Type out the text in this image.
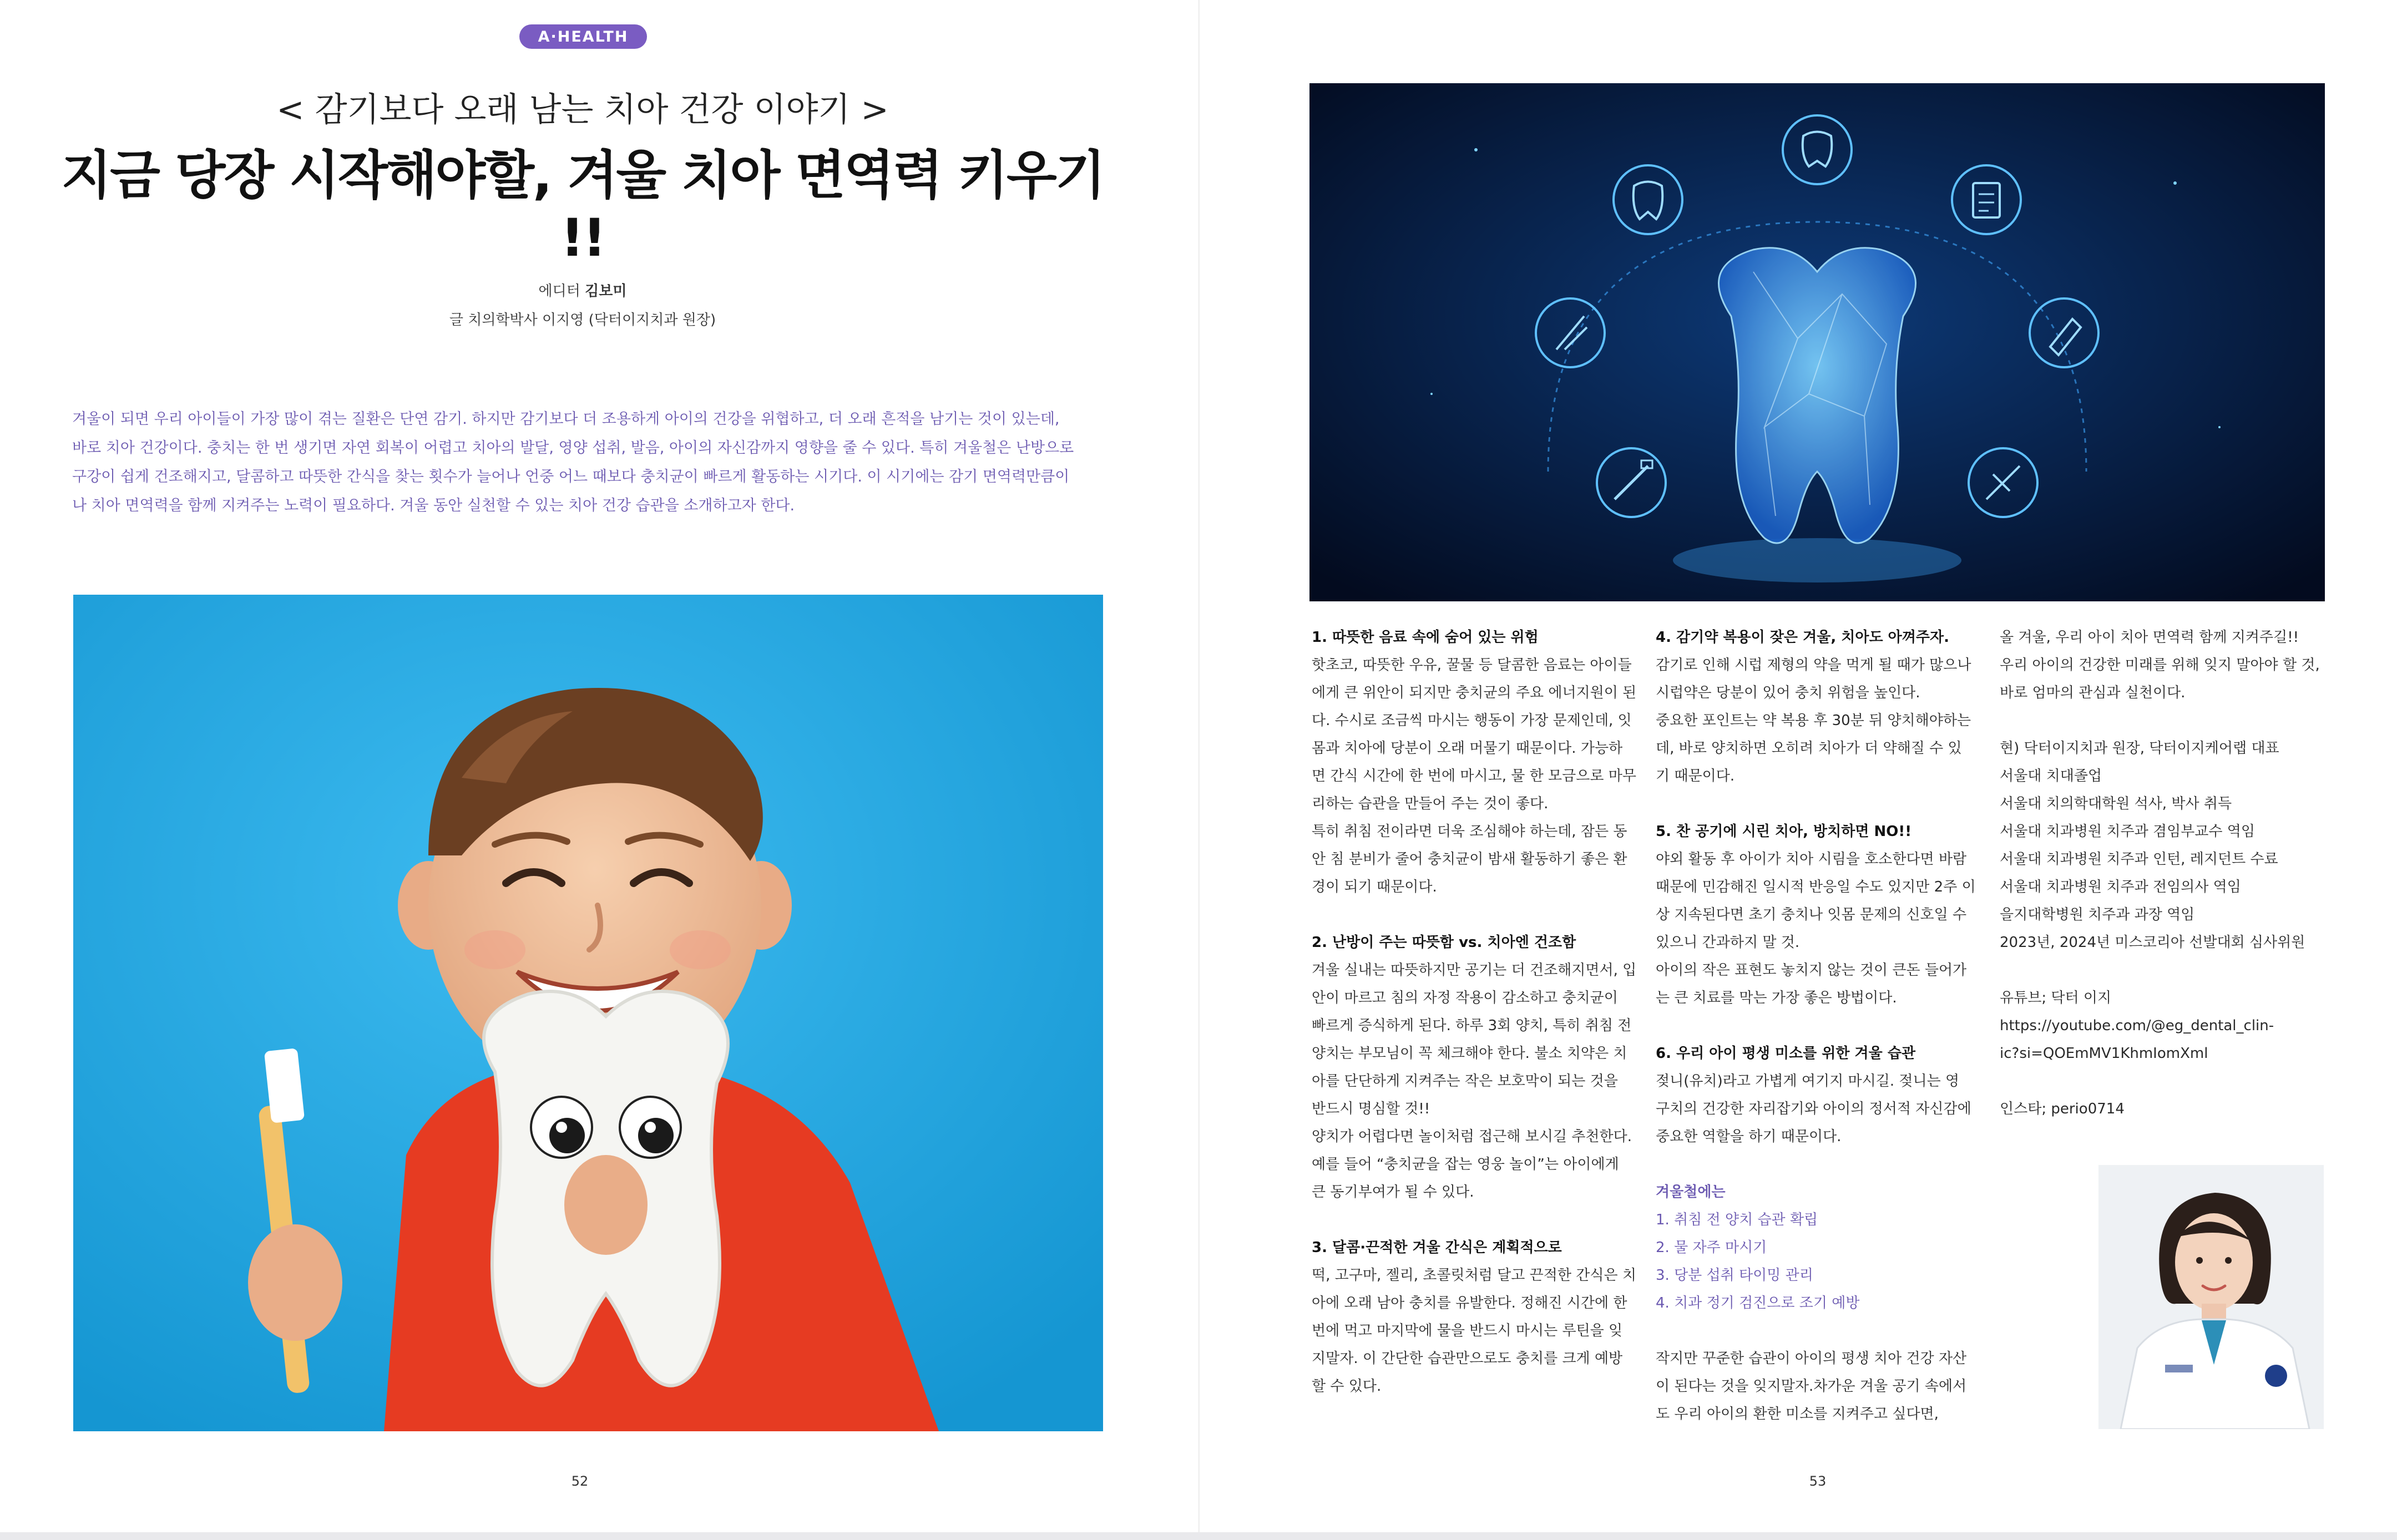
A·HEALTH
< 감기보다 오래 남는 치아 건강 이야기 >
지금 당장 시작해야할, 겨울 치아 면역력 키우기 !!
에디터 김보미
글 치의학박사 이지영 (닥터이지치과 원장)
겨울이 되면 우리 아이들이 가장 많이 겪는 질환은 단연 감기. 하지만 감기보다 더 조용하게 아이의 건강을 위협하고, 더 오래 흔적을 남기는 것이 있는데,
바로 치아 건강이다. 충치는 한 번 생기면 자연 회복이 어렵고 치아의 발달, 영양 섭취, 발음, 아이의 자신감까지 영향을 줄 수 있다. 특히 겨울철은 난방으로
구강이 쉽게 건조해지고, 달콤하고 따뜻한 간식을 찾는 횟수가 늘어나 언중 어느 때보다 충치균이 빠르게 활동하는 시기다. 이 시기에는 감기 면역력만큼이
나 치아 면역력을 함께 지켜주는 노력이 필요하다. 겨울 동안 실천할 수 있는 치아 건강 습관을 소개하고자 한다.
52
1. 따뜻한 음료 속에 숨어 있는 위험

핫초코, 따뜻한 우유, 꿀물 등 달콤한 음료는 아이들
에게 큰 위안이 되지만 충치균의 주요 에너지원이 된
다. 수시로 조금씩 마시는 행동이 가장 문제인데, 잇
몸과 치아에 당분이 오래 머물기 때문이다. 가능하
면 간식 시간에 한 번에 마시고, 물 한 모금으로 마무
리하는 습관을 만들어 주는 것이 좋다.
특히 취침 전이라면 더욱 조심해야 하는데, 잠든 동
안 침 분비가 줄어 충치균이 밤새 활동하기 좋은 환
경이 되기 때문이다.

2. 난방이 주는 따뜻함 vs. 치아엔 건조함

겨울 실내는 따뜻하지만 공기는 더 건조해지면서, 입
안이 마르고 침의 자정 작용이 감소하고 충치균이
빠르게 증식하게 된다. 하루 3회 양치, 특히 취침 전
양치는 부모님이 꼭 체크해야 한다. 불소 치약은 치
아를 단단하게 지켜주는 작은 보호막이 되는 것을
반드시 명심할 것!!
양치가 어렵다면 놀이처럼 접근해 보시길 추천한다.
예를 들어 “충치균을 잡는 영웅 놀이”는 아이에게
큰 동기부여가 될 수 있다.

3. 달콤·끈적한 겨울 간식은 계획적으로

떡, 고구마, 젤리, 초콜릿처럼 달고 끈적한 간식은 치
아에 오래 남아 충치를 유발한다. 정해진 시간에 한
번에 먹고 마지막에 물을 반드시 마시는 루틴을 잊
지말자. 이 간단한 습관만으로도 충치를 크게 예방
할 수 있다.

4. 감기약 복용이 잦은 겨울, 치아도 아껴주자.

감기로 인해 시럽 제형의 약을 먹게 될 때가 많으나
시럽약은 당분이 있어 충치 위험을 높인다.
중요한 포인트는 약 복용 후 30분 뒤 양치해야하는
데, 바로 양치하면 오히려 치아가 더 약해질 수 있
기 때문이다.

5. 찬 공기에 시린 치아, 방치하면 NO!!

야외 활동 후 아이가 치아 시림을 호소한다면 바람
때문에 민감해진 일시적 반응일 수도 있지만 2주 이
상 지속된다면 초기 충치나 잇몸 문제의 신호일 수
있으니 간과하지 말 것.
아이의 작은 표현도 놓치지 않는 것이 큰돈 들어가
는 큰 치료를 막는 가장 좋은 방법이다.

6. 우리 아이 평생 미소를 위한 겨울 습관

젖니(유치)라고 가볍게 여기지 마시길. 젖니는 영
구치의 건강한 자리잡기와 아이의 정서적 자신감에
중요한 역할을 하기 때문이다.

겨울철에는
1. 취침 전 양치 습관 확립
2. 물 자주 마시기
3. 당분 섭취 타이밍 관리
4. 치과 정기 검진으로 조기 예방

작지만 꾸준한 습관이 아이의 평생 치아 건강 자산
이 된다는 것을 잊지말자.차가운 겨울 공기 속에서
도 우리 아이의 환한 미소를 지켜주고 싶다면,

올 겨울, 우리 아이 치아 면역력 함께 지켜주길!!
우리 아이의 건강한 미래를 위해 잊지 말아야 할 것,
바로 엄마의 관심과 실천이다.

현) 닥터이지치과 원장, 닥터이지케어랩 대표
서울대 치대졸업
서울대 치의학대학원 석사, 박사 취득
서울대 치과병원 치주과 겸임부교수 역임
서울대 치과병원 치주과 인턴, 레지던트 수료
서울대 치과병원 치주과 전임의사 역임
을지대학병원 치주과 과장 역임
2023년, 2024년 미스코리아 선발대회 심사위원
유튜브; 닥터 이지
https://youtube.com/@eg_dental_clin-
ic?si=QOEmMV1KhmIomXml
인스타; perio0714
53
